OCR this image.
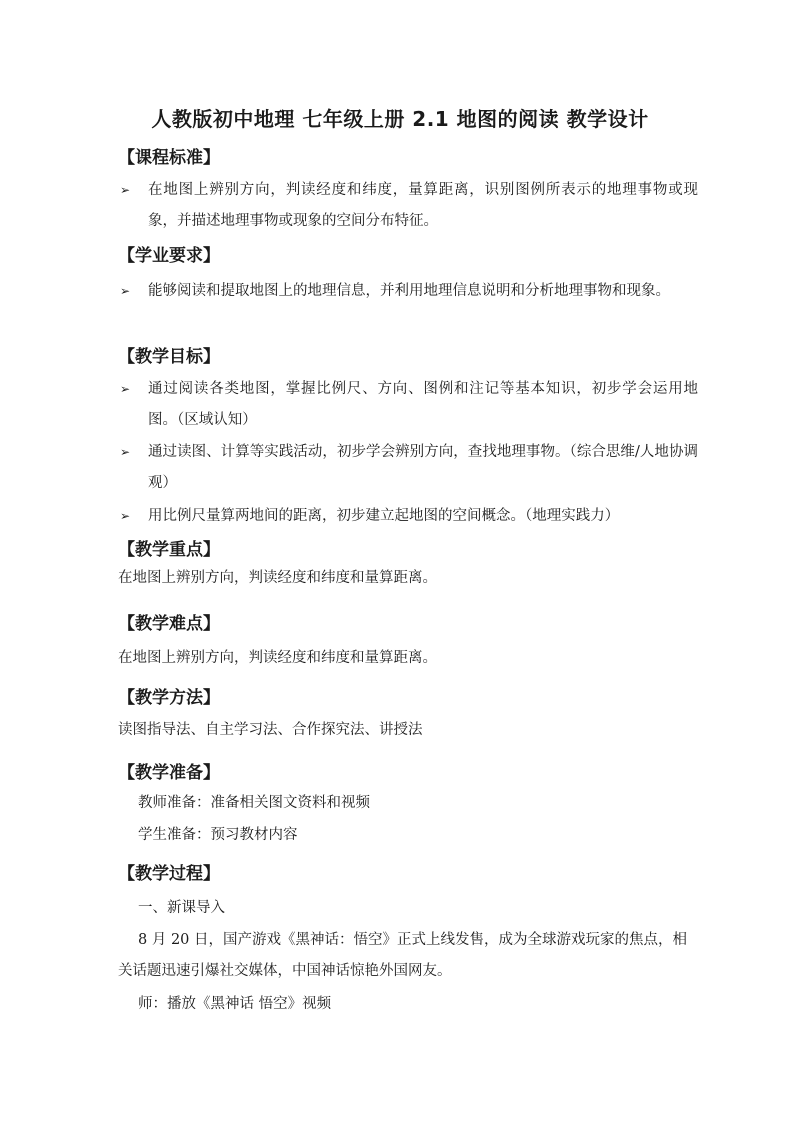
人教版初中地理 七年级上册 2.1 地图的阅读 教学设计
【课程标准】
➢ 在地图上辨别方向，判读经度和纬度，量算距离，识别图例所表示的地理事物或现象，并描述地理事物或现象的空间分布特征。
【学业要求】
➢ 能够阅读和提取地图上的地理信息，并利用地理信息说明和分析地理事物和现象。
【教学目标】
➢ 通过阅读各类地图，掌握比例尺、方向、图例和注记等基本知识，初步学会运用地图。（区域认知）
➢ 通过读图、计算等实践活动，初步学会辨别方向，查找地理事物。（综合思维/人地协调观）
➢ 用比例尺量算两地间的距离，初步建立起地图的空间概念。（地理实践力）
【教学重点】
在地图上辨别方向，判读经度和纬度和量算距离。
【教学难点】
在地图上辨别方向，判读经度和纬度和量算距离。
【教学方法】
读图指导法、自主学习法、合作探究法、讲授法
【教学准备】
教师准备：准备相关图文资料和视频
学生准备：预习教材内容
【教学过程】
一、新课导入
8 月 20 日，国产游戏《黑神话：悟空》正式上线发售，成为全球游戏玩家的焦点，相关话题迅速引爆社交媒体，中国神话惊艳外国网友。
师：播放《黑神话 悟空》视频
